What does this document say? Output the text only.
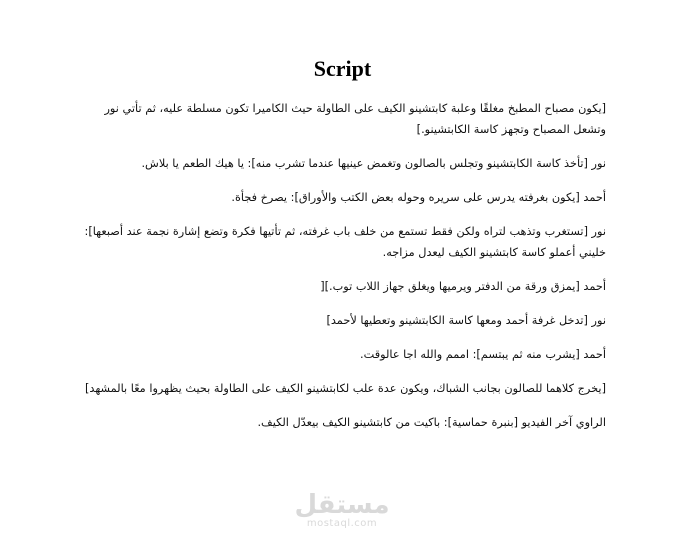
Script

[يكون مصباح المطبخ مغلقًا وعلبة كابتشينو الكيف على الطاولة حيث الكاميرا تكون مسلطة عليه، ثم تأتي نور وتشعل المصباح وتجهز كاسة الكابتشينو.]

نور [تأخذ كاسة الكابتشينو وتجلس بالصالون وتغمض عينيها عندما تشرب منه]: يا هيك الطعم يا بلاش.

أحمد [يكون بغرفته يدرس على سريره وحوله بعض الكتب والأوراق]: يصرخ فجأة.

نور [تستغرب وتذهب لتراه ولكن فقط تستمع من خلف باب غرفته، ثم تأتيها فكرة وتضع إشارة نجمة عند أصبعها]: خليني أعملو كاسة كابتشينو الكيف ليعدل مزاجه.

أحمد [يمزق ورقة من الدفتر ويرميها ويغلق جهاز اللاب توب.][

نور [تدخل غرفة أحمد ومعها كاسة الكابتشينو وتعطيها لأحمد]

أحمد [يشرب منه ثم يبتسم]: اممم والله اجا عالوقت.

[يخرج كلاهما للصالون بجانب الشباك، ويكون عدة علب لكابتشينو الكيف على الطاولة بحيث يظهروا معًا بالمشهد]

الراوي آخر الفيديو [بنبرة حماسية]: باكيت من كابتشينو الكيف بيعدّل الكيف.

مستقل
mostaql.com
